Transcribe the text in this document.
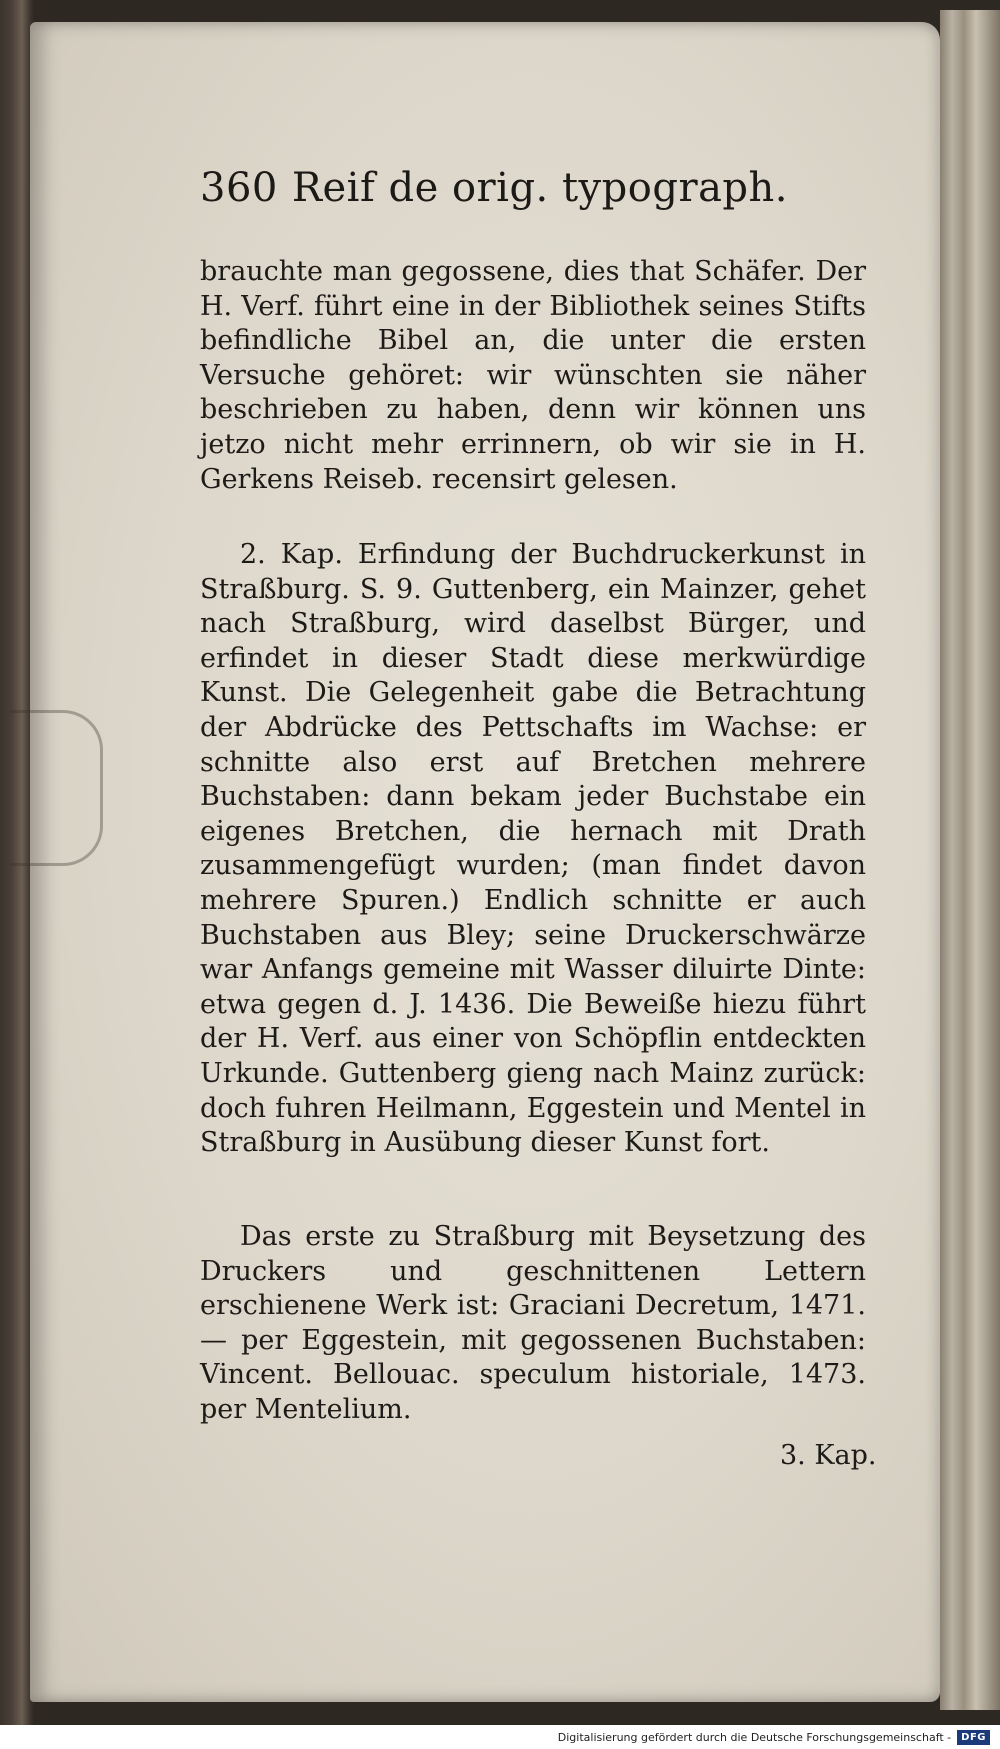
360 Reif de orig. typograph.
brauchte man gegossene, dies that Schäfer. Der H. Verf. führt eine in der Bibliothek seines Stifts befindliche Bibel an, die unter die ersten Versuche gehöret: wir wünschten sie näher beschrieben zu haben, denn wir können uns jetzo nicht mehr errinnern, ob wir sie in H. Gerkens Reiseb. recensirt gelesen.
2. Kap. Erfindung der Buchdruckerkunst in Straßburg. S. 9. Guttenberg, ein Mainzer, gehet nach Straßburg, wird daselbst Bürger, und erfindet in dieser Stadt diese merkwürdige Kunst. Die Gelegenheit gabe die Betrachtung der Abdrücke des Pettschafts im Wachse: er schnitte also erst auf Bretchen mehrere Buchstaben: dann bekam jeder Buchstabe ein eigenes Bretchen, die hernach mit Drath zusammengefügt wurden; (man findet davon mehrere Spuren.) Endlich schnitte er auch Buchstaben aus Bley; seine Druckerschwärze war Anfangs gemeine mit Wasser diluirte Dinte: etwa gegen d. J. 1436. Die Beweiße hiezu führt der H. Verf. aus einer von Schöpflin entdeckten Urkunde. Guttenberg gieng nach Mainz zurück: doch fuhren Heilmann, Eggestein und Mentel in Straßburg in Ausübung dieser Kunst fort.
Das erste zu Straßburg mit Beysetzung des Druckers und geschnittenen Lettern erschienene Werk ist: Graciani Decretum, 1471. — per Eggestein, mit gegossenen Buchstaben: Vincent. Bellouac. speculum historiale, 1473. per Mentelium.
3. Kap.
Digitalisierung gefördert durch die Deutsche Forschungsgemeinschaft -	DFG
